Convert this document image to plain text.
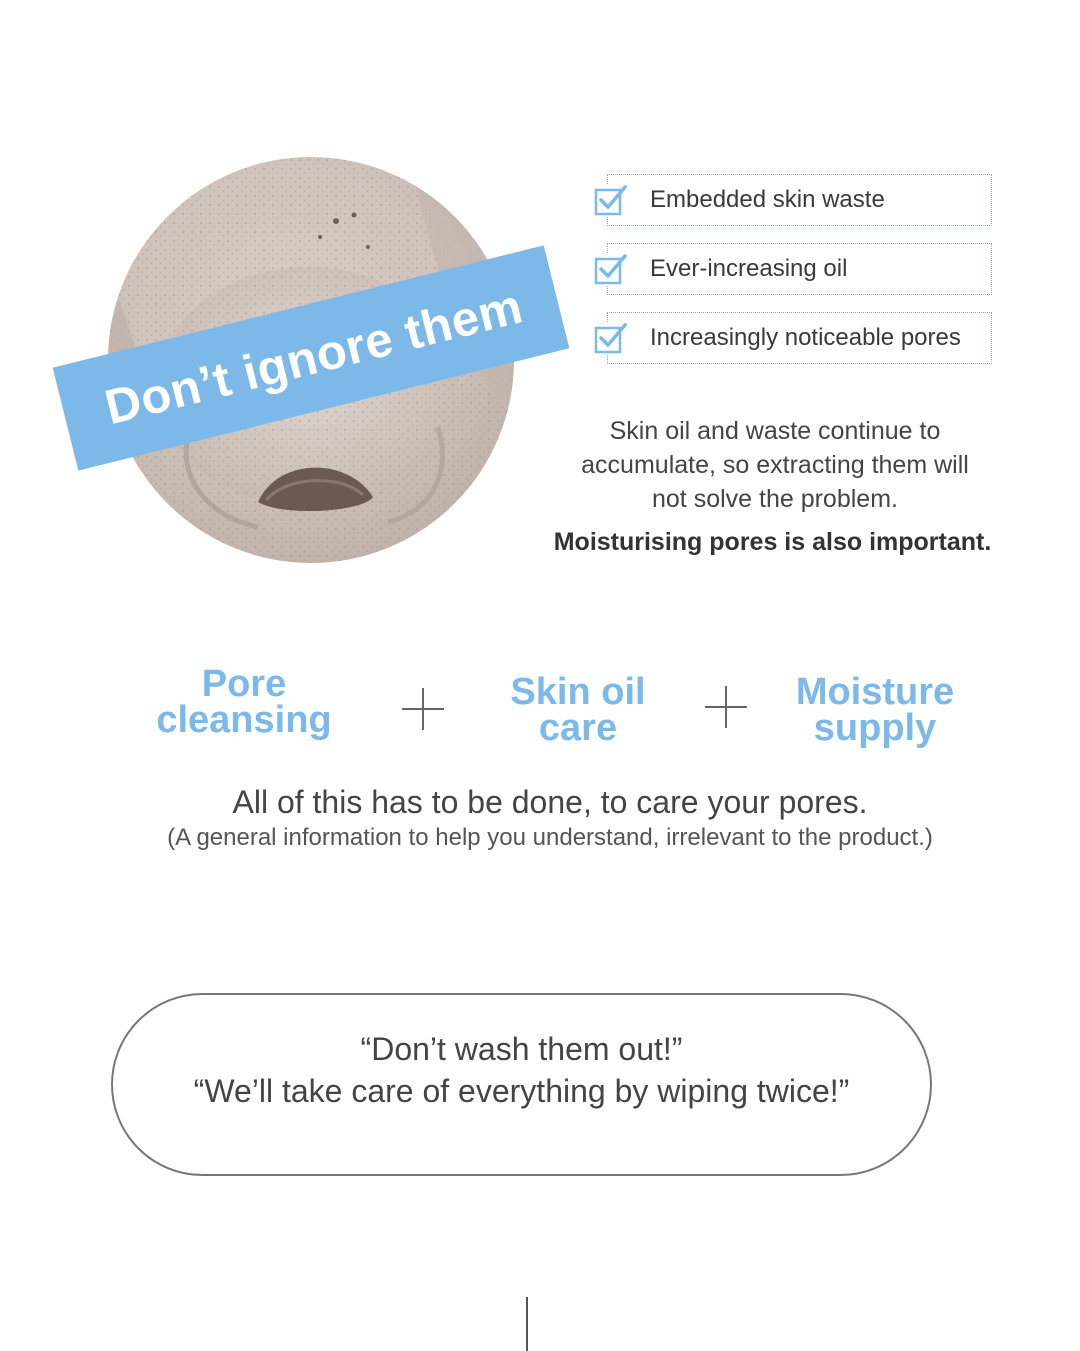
Don’t ignore them
Embedded skin waste
Ever-increasing oil
Increasingly noticeable pores
Skin oil and waste continue to
accumulate, so extracting them will
not solve the problem.
Moisturising pores is also important.
Pore
cleansing
Skin oil
care
Moisture
supply
All of this has to be done, to care your pores.
(A general information to help you understand, irrelevant to the product.)
“Don’t wash them out!”
“We’ll take care of everything by wiping twice!”
